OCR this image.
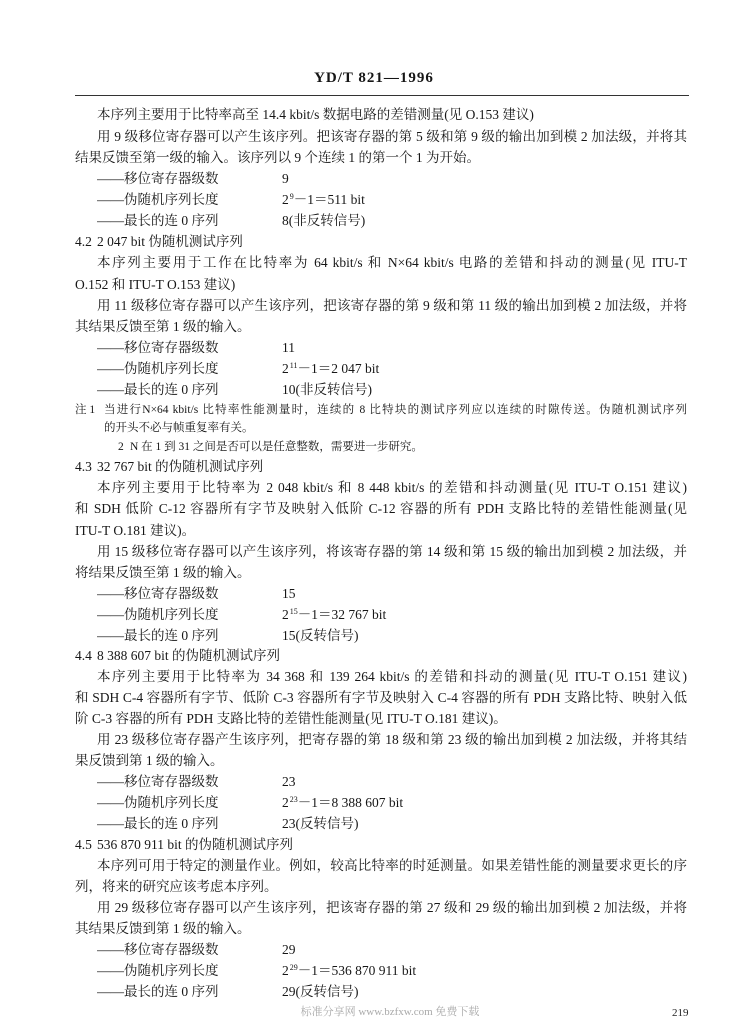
YD/T 821—1996
本序列主要用于比特率高至 14.4 kbit/s 数据电路的差错测量(见 O.153 建议)
用 9 级移位寄存器可以产生该序列。把该寄存器的第 5 级和第 9 级的输出加到模 2 加法级，并将其
结果反馈至第一级的输入。该序列以 9 个连续 1 的第一个 1 为开始。
——移位寄存器级数	9
——伪随机序列长度	$2^9-1=511$ bit
——最长的连 0 序列	8(非反转信号)
4.2 2 047 bit 伪随机测试序列
本序列主要用于工作在比特率为 64 kbit/s 和 N×64 kbit/s 电路的差错和抖动的测量(见 ITU-T
O.152 和 ITU-T O.153 建议)
用 11 级移位寄存器可以产生该序列，把该寄存器的第 9 级和第 11 级的输出加到模 2 加法级，并将
其结果反馈至第 1 级的输入。
——移位寄存器级数	11
——伪随机序列长度	$2^{11}-1=2$ 047 bit
——最长的连 0 序列	10(非反转信号)
注 1 当进行N×64 kbit/s 比特率性能测量时，连续的 8 比特块的测试序列应以连续的时隙传送。伪随机测试序列
的开头不必与帧重复率有关。
2 N 在 1 到 31 之间是否可以是任意整数，需要进一步研究。
4.3 32 767 bit 的伪随机测试序列
本序列主要用于比特率为 2 048 kbit/s 和 8 448 kbit/s 的差错和抖动测量(见 ITU-T O.151 建议)
和 SDH 低阶 C-12 容器所有字节及映射入低阶 C-12 容器的所有 PDH 支路比特的差错性能测量(见
ITU-T O.181 建议)。
用 15 级移位寄存器可以产生该序列，将该寄存器的第 14 级和第 15 级的输出加到模 2 加法级，并
将结果反馈至第 1 级的输入。
——移位寄存器级数	15
——伪随机序列长度	$2^{15}-1=32$ 767 bit
——最长的连 0 序列	15(反转信号)
4.4 8 388 607 bit 的伪随机测试序列
本序列主要用于比特率为 34 368 和 139 264 kbit/s 的差错和抖动的测量(见 ITU-T O.151 建议)
和 SDH C-4 容器所有字节、低阶 C-3 容器所有字节及映射入 C-4 容器的所有 PDH 支路比特、映射入低
阶 C-3 容器的所有 PDH 支路比特的差错性能测量(见 ITU-T O.181 建议)。
用 23 级移位寄存器产生该序列，把寄存器的第 18 级和第 23 级的输出加到模 2 加法级，并将其结
果反馈到第 1 级的输入。
——移位寄存器级数	23
——伪随机序列长度	$2^{23}-1=8$ 388 607 bit
——最长的连 0 序列	23(反转信号)
4.5 536 870 911 bit 的伪随机测试序列
本序列可用于特定的测量作业。例如，较高比特率的时延测量。如果差错性能的测量要求更长的序
列，将来的研究应该考虑本序列。
用 29 级移位寄存器可以产生该序列，把该寄存器的第 27 级和 29 级的输出加到模 2 加法级，并将
其结果反馈到第 1 级的输入。
——移位寄存器级数	29
——伪随机序列长度	$2^{29}-1=536$ 870 911 bit
——最长的连 0 序列	29(反转信号)
标准分享网 www.bzfxw.com 免费下载	219
